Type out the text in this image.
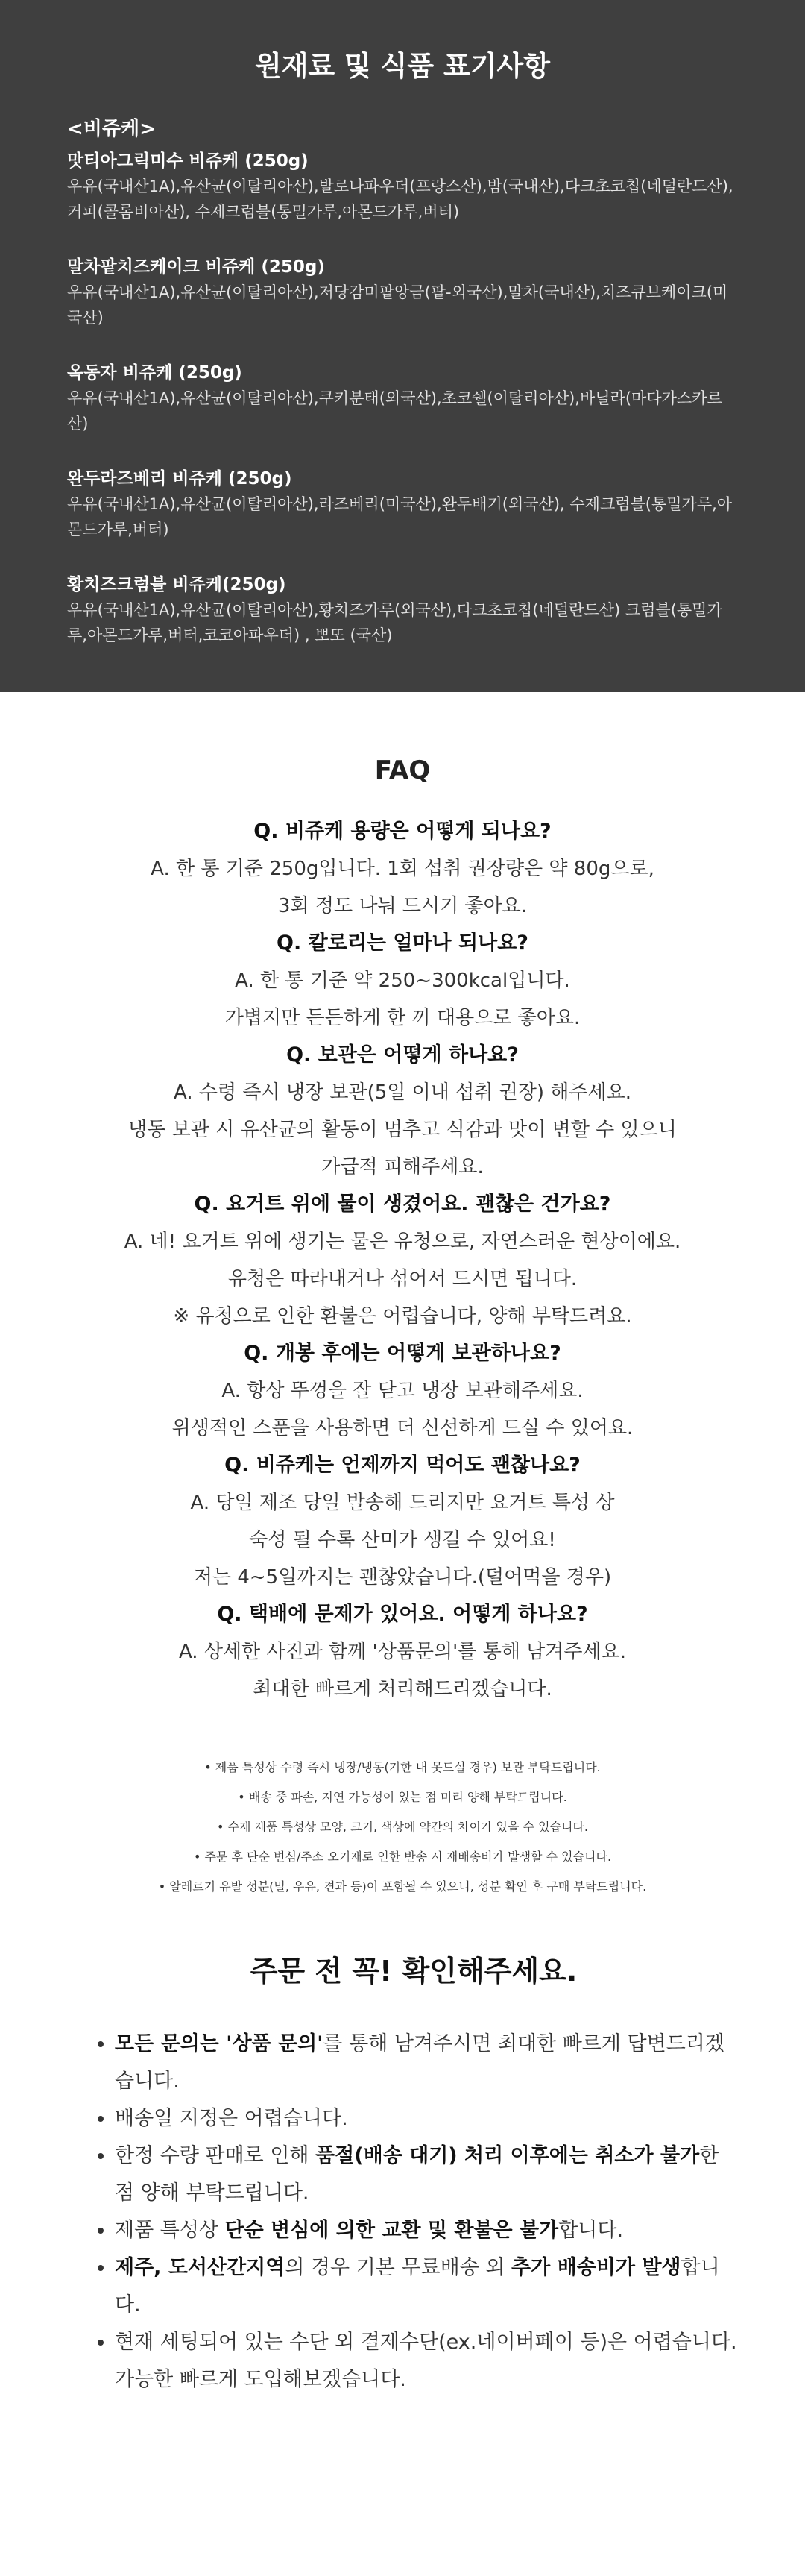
원재료 및 식품 표기사항
<비쥬케>
맛티아그릭미수 비쥬케 (250g)
우유(국내산1A),유산균(이탈리아산),발로나파우더(프랑스산),밤(국내산),다크초코칩(네덜란드산),커피(콜롬비아산), 수제크럼블(통밀가루,아몬드가루,버터)
말차팥치즈케이크 비쥬케 (250g)
우유(국내산1A),유산균(이탈리아산),저당감미팥앙금(팥-외국산),말차(국내산),치즈큐브케이크(미국산)
옥동자 비쥬케 (250g)
우유(국내산1A),유산균(이탈리아산),쿠키분태(외국산),초코쉘(이탈리아산),바닐라(마다가스카르산)
완두라즈베리 비쥬케 (250g)
우유(국내산1A),유산균(이탈리아산),라즈베리(미국산),완두배기(외국산), 수제크럼블(통밀가루,아몬드가루,버터)
황치즈크럼블 비쥬케(250g)
우유(국내산1A),유산균(이탈리아산),황치즈가루(외국산),다크초코칩(네덜란드산) 크럼블(통밀가루,아몬드가루,버터,코코아파우더) , 뽀또 (국산)
FAQ
Q. 비쥬케 용량은 어떻게 되나요?
A. 한 통 기준 250g입니다. 1회 섭취 권장량은 약 80g으로,
3회 정도 나눠 드시기 좋아요.
Q. 칼로리는 얼마나 되나요?
A. 한 통 기준 약 250~300kcal입니다.
가볍지만 든든하게 한 끼 대용으로 좋아요.
Q. 보관은 어떻게 하나요?
A. 수령 즉시 냉장 보관(5일 이내 섭취 권장) 해주세요.
냉동 보관 시 유산균의 활동이 멈추고 식감과 맛이 변할 수 있으니
가급적 피해주세요.
Q. 요거트 위에 물이 생겼어요. 괜찮은 건가요?
A. 네! 요거트 위에 생기는 물은 유청으로, 자연스러운 현상이에요.
유청은 따라내거나 섞어서 드시면 됩니다.
※ 유청으로 인한 환불은 어렵습니다, 양해 부탁드려요.
Q. 개봉 후에는 어떻게 보관하나요?
A. 항상 뚜껑을 잘 닫고 냉장 보관해주세요.
위생적인 스푼을 사용하면 더 신선하게 드실 수 있어요.
Q. 비쥬케는 언제까지 먹어도 괜찮나요?
A. 당일 제조 당일 발송해 드리지만 요거트 특성 상
숙성 될 수록 산미가 생길 수 있어요!
저는 4~5일까지는 괜찮았습니다.(덜어먹을 경우)
Q. 택배에 문제가 있어요. 어떻게 하나요?
A. 상세한 사진과 함께 '상품문의'를 통해 남겨주세요.
최대한 빠르게 처리해드리겠습니다.
• 제품 특성상 수령 즉시 냉장/냉동(기한 내 못드실 경우) 보관 부탁드립니다.
• 배송 중 파손, 지연 가능성이 있는 점 미리 양해 부탁드립니다.
• 수제 제품 특성상 모양, 크기, 색상에 약간의 차이가 있을 수 있습니다.
• 주문 후 단순 변심/주소 오기재로 인한 반송 시 재배송비가 발생할 수 있습니다.
• 알레르기 유발 성분(밀, 우유, 견과 등)이 포함될 수 있으니, 성분 확인 후 구매 부탁드립니다.
주문 전 꼭! 확인해주세요.
• 모든 문의는 '상품 문의'를 통해 남겨주시면 최대한 빠르게 답변드리겠습니다.
• 배송일 지정은 어렵습니다.
• 한정 수량 판매로 인해 품절(배송 대기) 처리 이후에는 취소가 불가한 점 양해 부탁드립니다.
• 제품 특성상 단순 변심에 의한 교환 및 환불은 불가합니다.
• 제주, 도서산간지역의 경우 기본 무료배송 외 추가 배송비가 발생합니다.
• 현재 세팅되어 있는 수단 외 결제수단(ex.네이버페이 등)은 어렵습니다. 가능한 빠르게 도입해보겠습니다.
